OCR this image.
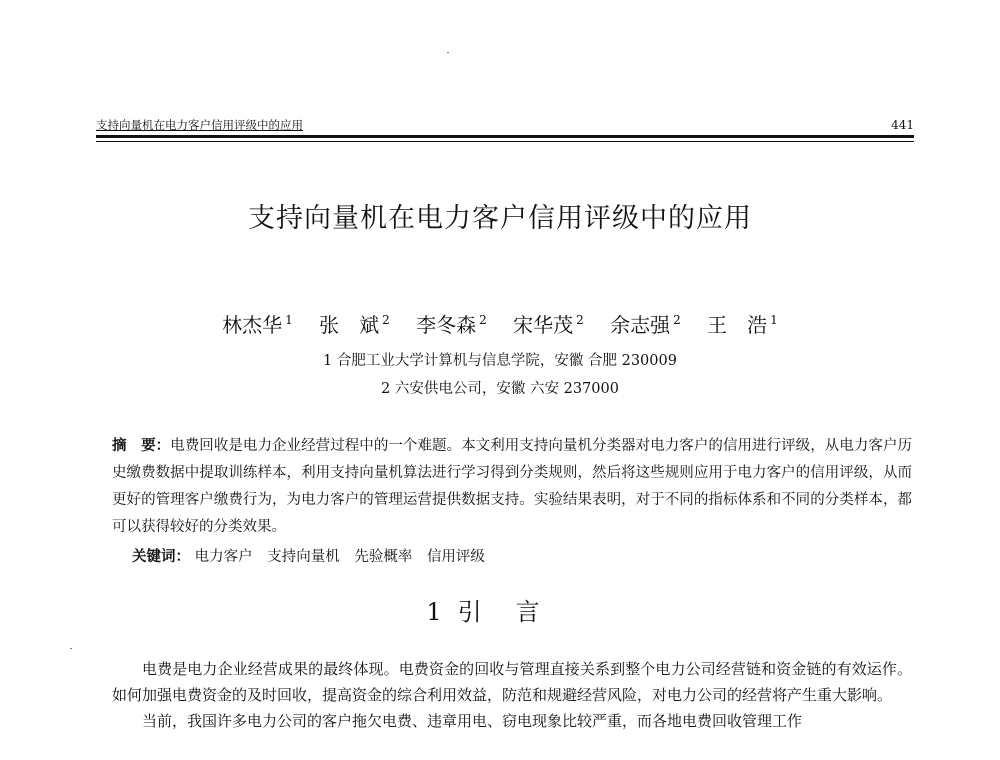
支持向量机在电力客户信用评级中的应用	441
支持向量机在电力客户信用评级中的应用
林杰华 $^1$ 张　斌 $^2$ 李冬森 $^2$ 宋华茂 $^2$ 余志强 $^2$ 王　浩 $^1$
1 合肥工业大学计算机与信息学院，安徽 合肥 230009
2 六安供电公司，安徽 六安 237000
摘　要：电费回收是电力企业经营过程中的一个难题。本文利用支持向量机分类器对电力客户的信用进行评级，从电力客户历史缴费数据中提取训练样本，利用支持向量机算法进行学习得到分类规则，然后将这些规则应用于电力客户的信用评级，从而更好的管理客户缴费行为，为电力客户的管理运营提供数据支持。实验结果表明，对于不同的指标体系和不同的分类样本，都可以获得较好的分类效果。
关键词： 电力客户 支持向量机 先验概率 信用评级
1 引言

电费是电力企业经营成果的最终体现。电费资金的回收与管理直接关系到整个电力公司经营链和资金链的有效运作。如何加强电费资金的及时回收，提高资金的综合利用效益，防范和规避经营风险，对电力公司的经营将产生重大影响。

当前，我国许多电力公司的客户拖欠电费、违章用电、窃电现象比较严重，而各地电费回收管理工作
